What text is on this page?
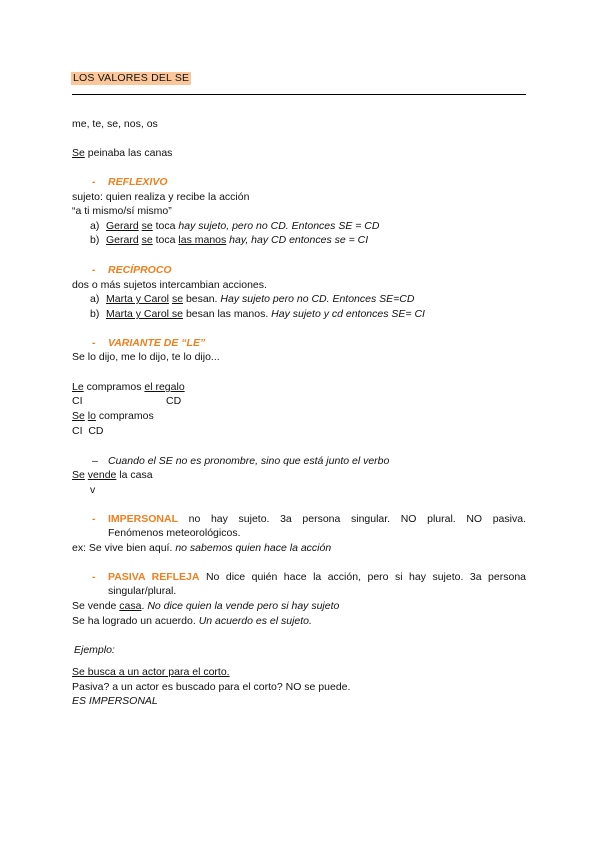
LOS VALORES DEL SE
me, te, se, nos, os
Se peinaba las canas
- REFLEXIVO
sujeto: quien realiza y recibe la acción
“a ti mismo/sí mismo”
a) Gerard se toca hay sujeto, pero no CD. Entonces SE = CD
b) Gerard se toca las manos hay, hay CD entonces se = CI
- RECÍPROCO
dos o más sujetos intercambian acciones.
a) Marta y Carol se besan. Hay sujeto pero no CD. Entonces SE=CD
b) Marta y Carol se besan las manos. Hay sujeto y cd entonces SE= CI
- VARIANTE DE “LE”
Se lo dijo, me lo dijo, te lo dijo...
Le compramos el regalo
CI	CD
Se lo compramos
CI  CD
– Cuando el SE no es pronombre, sino que está junto el verbo
Se vende la casa
v
-	IMPERSONAL no hay sujeto. 3a persona singular. NO plural. NO pasiva.
Fenómenos meteorológicos.
ex: Se vive bien aquí. no sabemos quien hace la acción
-	PASIVA REFLEJA No dice quién hace la acción, pero si hay sujeto. 3a persona
singular/plural.
Se vende casa. No dice quien la vende pero si hay sujeto
Se ha logrado un acuerdo. Un acuerdo es el sujeto.
Ejemplo:
Se busca a un actor para el corto.
Pasiva? a un actor es buscado para el corto? NO se puede.
ES IMPERSONAL
